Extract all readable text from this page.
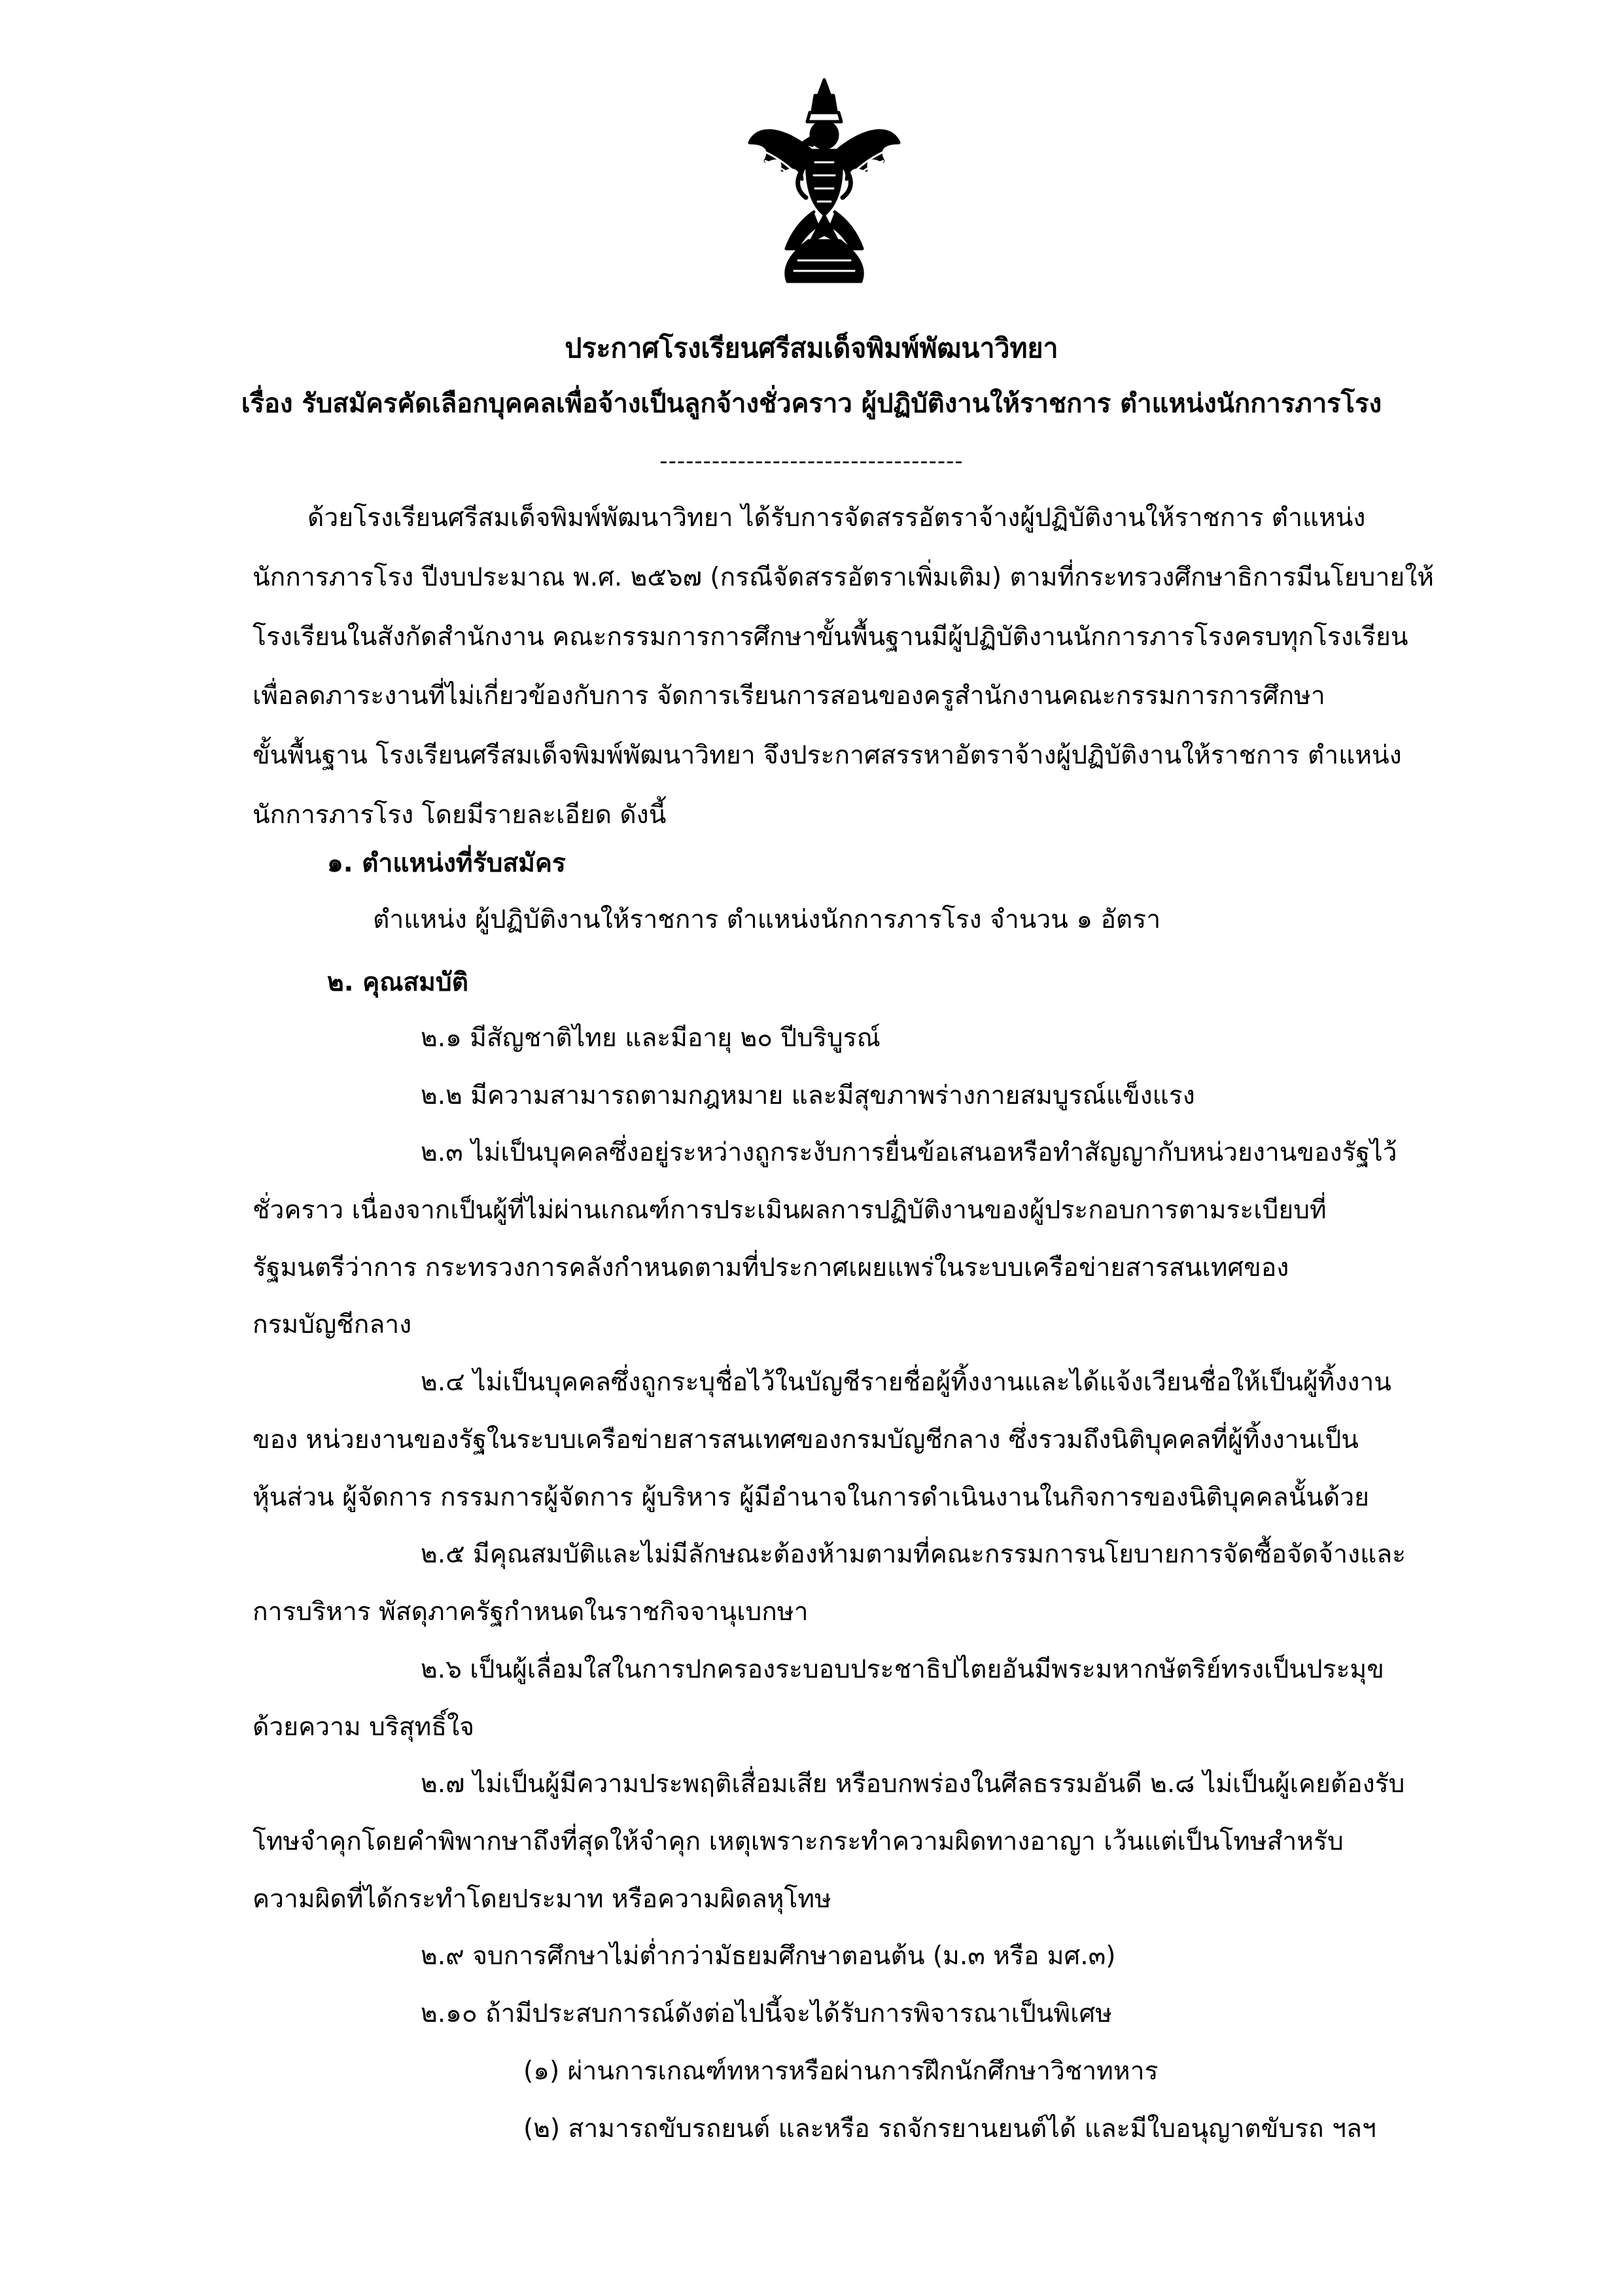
ประกาศโรงเรียนศรีสมเด็จพิมพ์พัฒนาวิทยา
เรื่อง รับสมัครคัดเลือกบุคคลเพื่อจ้างเป็นลูกจ้างชั่วคราว ผู้ปฏิบัติงานให้ราชการ ตำแหน่งนักการภารโรง
-----------------------------------
ด้วยโรงเรียนศรีสมเด็จพิมพ์พัฒนาวิทยา ได้รับการจัดสรรอัตราจ้างผู้ปฏิบัติงานให้ราชการ ตำแหน่ง
นักการภารโรง ปีงบประมาณ พ.ศ. ๒๕๖๗ (กรณีจัดสรรอัตราเพิ่มเติม) ตามที่กระทรวงศึกษาธิการมีนโยบายให้
โรงเรียนในสังกัดสำนักงาน คณะกรรมการการศึกษาขั้นพื้นฐานมีผู้ปฏิบัติงานนักการภารโรงครบทุกโรงเรียน
เพื่อลดภาระงานที่ไม่เกี่ยวข้องกับการ จัดการเรียนการสอนของครูสำนักงานคณะกรรมการการศึกษา
ขั้นพื้นฐาน โรงเรียนศรีสมเด็จพิมพ์พัฒนาวิทยา จึงประกาศสรรหาอัตราจ้างผู้ปฏิบัติงานให้ราชการ ตำแหน่ง
นักการภารโรง โดยมีรายละเอียด ดังนี้
๑. ตำแหน่งที่รับสมัคร
ตำแหน่ง ผู้ปฏิบัติงานให้ราชการ ตำแหน่งนักการภารโรง จำนวน ๑ อัตรา
๒. คุณสมบัติ
๒.๑ มีสัญชาติไทย และมีอายุ ๒๐ ปีบริบูรณ์
๒.๒ มีความสามารถตามกฎหมาย และมีสุขภาพร่างกายสมบูรณ์แข็งแรง
๒.๓ ไม่เป็นบุคคลซึ่งอยู่ระหว่างถูกระงับการยื่นข้อเสนอหรือทำสัญญากับหน่วยงานของรัฐไว้
ชั่วคราว เนื่องจากเป็นผู้ที่ไม่ผ่านเกณฑ์การประเมินผลการปฏิบัติงานของผู้ประกอบการตามระเบียบที่
รัฐมนตรีว่าการ กระทรวงการคลังกำหนดตามที่ประกาศเผยแพร่ในระบบเครือข่ายสารสนเทศของ
กรมบัญชีกลาง
๒.๔ ไม่เป็นบุคคลซึ่งถูกระบุชื่อไว้ในบัญชีรายชื่อผู้ทิ้งงานและได้แจ้งเวียนชื่อให้เป็นผู้ทิ้งงาน
ของ หน่วยงานของรัฐในระบบเครือข่ายสารสนเทศของกรมบัญชีกลาง ซึ่งรวมถึงนิติบุคคลที่ผู้ทิ้งงานเป็น
หุ้นส่วน ผู้จัดการ กรรมการผู้จัดการ ผู้บริหาร ผู้มีอำนาจในการดำเนินงานในกิจการของนิติบุคคลนั้นด้วย
๒.๕ มีคุณสมบัติและไม่มีลักษณะต้องห้ามตามที่คณะกรรมการนโยบายการจัดซื้อจัดจ้างและ
การบริหาร พัสดุภาครัฐกำหนดในราชกิจจานุเบกษา
๒.๖ เป็นผู้เลื่อมใสในการปกครองระบอบประชาธิปไตยอันมีพระมหากษัตริย์ทรงเป็นประมุข
ด้วยความ บริสุทธิ์ใจ
๒.๗ ไม่เป็นผู้มีความประพฤติเสื่อมเสีย หรือบกพร่องในศีลธรรมอันดี ๒.๘ ไม่เป็นผู้เคยต้องรับ
โทษจำคุกโดยคำพิพากษาถึงที่สุดให้จำคุก เหตุเพราะกระทำความผิดทางอาญา เว้นแต่เป็นโทษสำหรับ
ความผิดที่ได้กระทำโดยประมาท หรือความผิดลหุโทษ
๒.๙ จบการศึกษาไม่ต่ำกว่ามัธยมศึกษาตอนต้น (ม.๓ หรือ มศ.๓)
๒.๑๐ ถ้ามีประสบการณ์ดังต่อไปนี้จะได้รับการพิจารณาเป็นพิเศษ
(๑) ผ่านการเกณฑ์ทหารหรือผ่านการฝึกนักศึกษาวิชาทหาร
(๒) สามารถขับรถยนต์ และหรือ รถจักรยานยนต์ได้ และมีใบอนุญาตขับรถ ฯลฯ
